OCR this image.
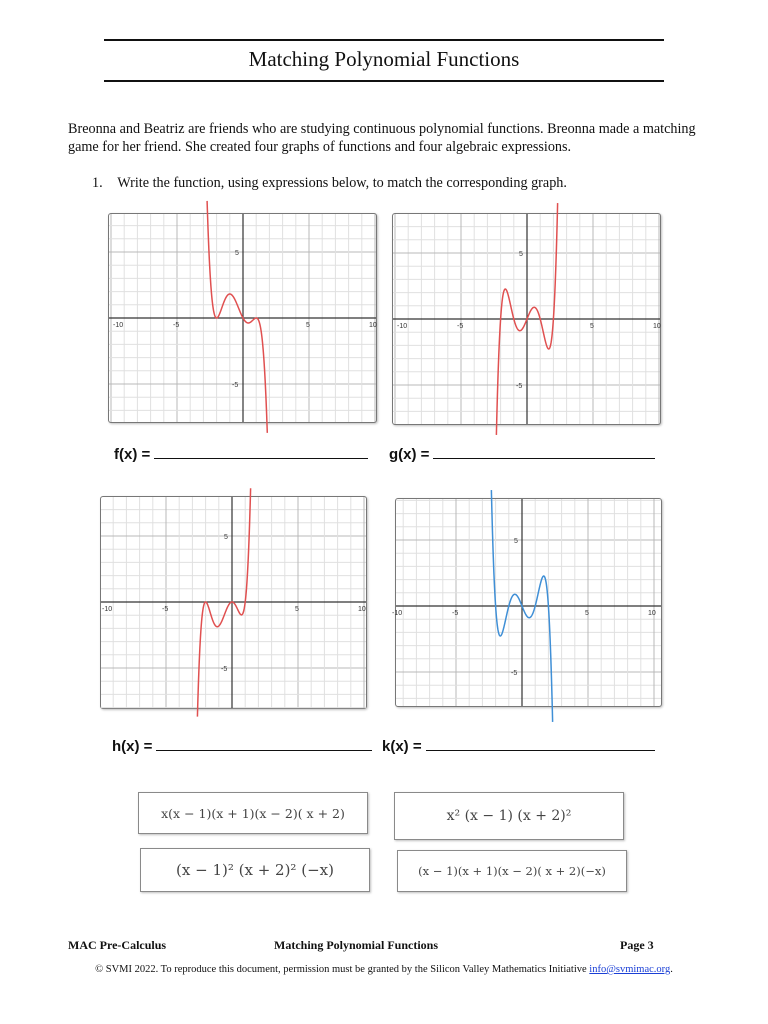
Matching Polynomial Functions
Breonna and Beatriz are friends who are studying continuous polynomial functions. Breonna made a matching game for her friend. She created four graphs of functions and four algebraic expressions.
1. Write the function, using expressions below, to match the corresponding graph.
-10	-5	5	10
5
-5
-10	-5	5	10
5
-5
-10	-5	5	10
5
-5
-10	-5	5	10
5
-5
f(x) =	g(x) =
h(x) =	k(x) =
x(x − 1)(x + 1)(x − 2)( x + 2)	x² (x − 1) (x + 2)²
(x − 1)² (x + 2)² (−x)	(x − 1)(x + 1)(x − 2)( x + 2)(−x)
MAC Pre-Calculus	Matching Polynomial Functions	Page 3
© SVMI 2022. To reproduce this document, permission must be granted by the Silicon Valley Mathematics Initiative info@svmimac.org.
